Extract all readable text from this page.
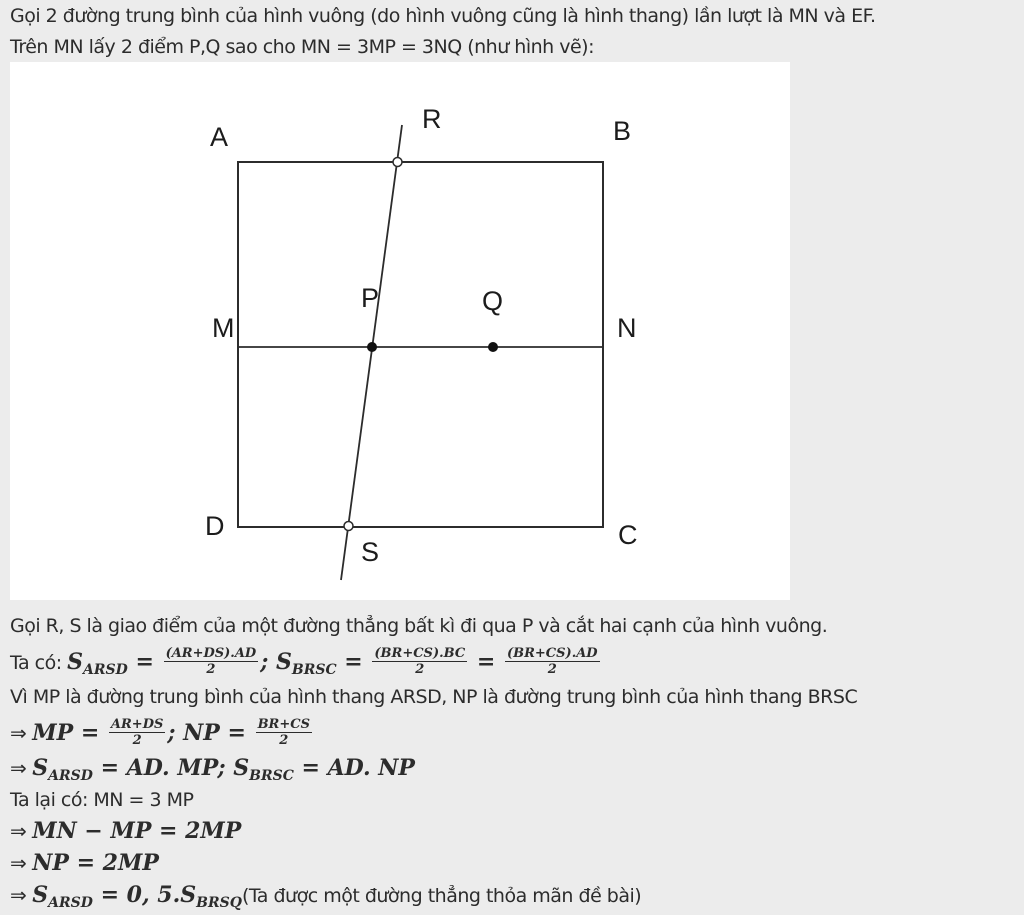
Gọi 2 đường trung bình của hình vuông (do hình vuông cũng là hình thang) lần lượt là MN và EF.
Trên MN lấy 2 điểm P,Q sao cho MN = 3MP = 3NQ (như hình vẽ):
A	B
C
D
M	N
P	Q
R
S
Gọi R, S là giao điểm của một đường thẳng bất kì đi qua P và cắt hai cạnh của hình vuông.
Ta có: $S_{ARSD} = \frac{(AR+DS).AD}{2}$ ; $S_{BRSC} = \frac{(BR+CS).BC}{2} = \frac{(BR+CS).AD}{2}$
Vì MP là đường trung bình của hình thang ARSD, NP là đường trung bình của hình thang BRSC
⇒ MP = $\frac{AR+DS}{2}$ ; NP = $\frac{BR+CS}{2}$
⇒ $S_{ARSD}$ = AD. MP; $S_{BRSC}$ = AD. NP
Ta lại có: MN = 3 MP
⇒ MN − MP = 2MP
⇒ NP = 2MP
⇒ $S_{ARSD} = 0$, $5.S_{BRSQ}(Ta$ được một đường thẳng thỏa mãn đề bài)
